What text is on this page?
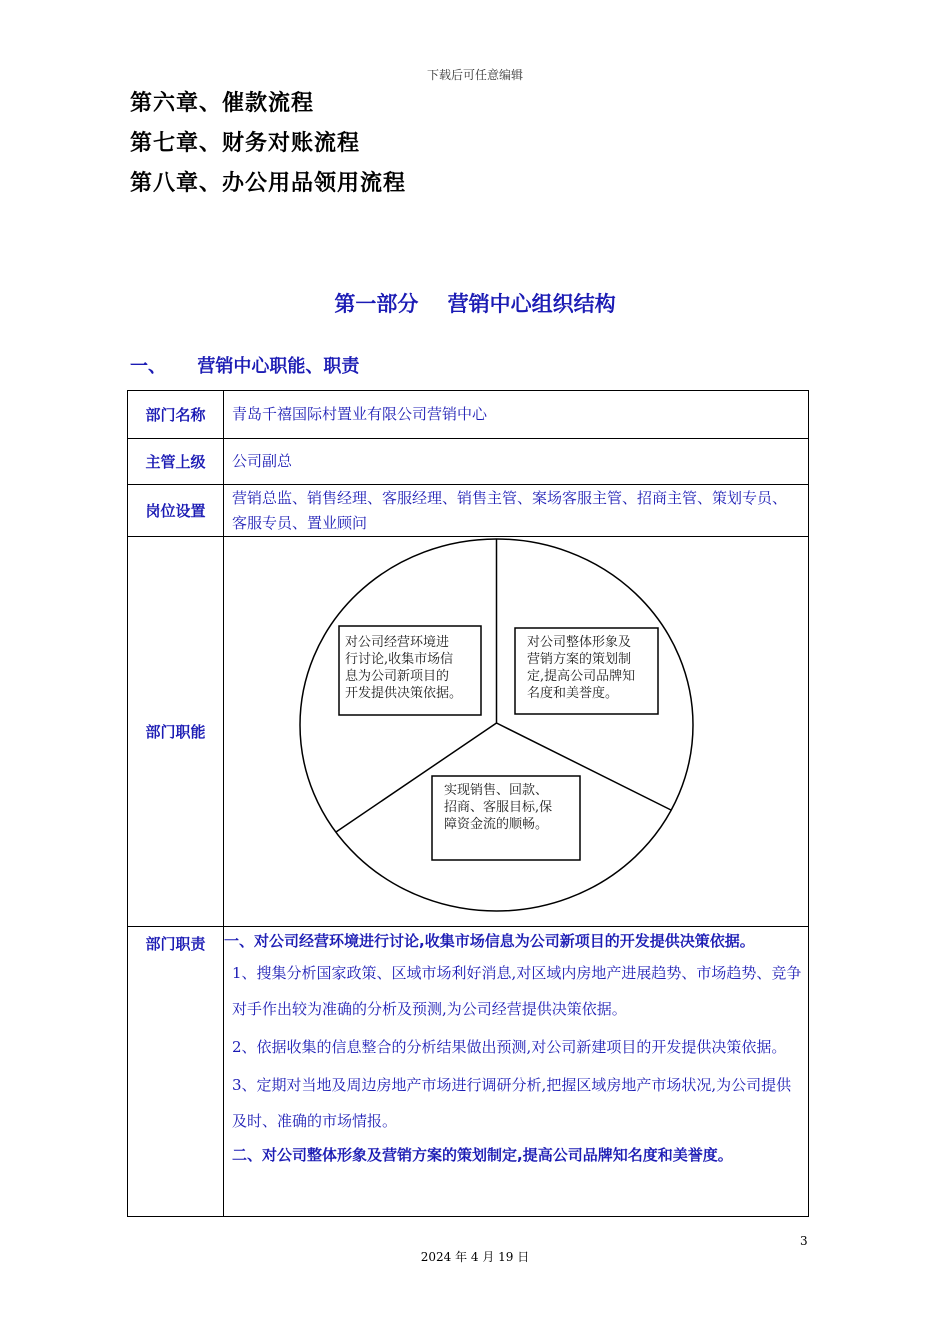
下载后可任意编辑
第六章、催款流程
第七章、财务对账流程
第八章、办公用品领用流程
第一部分    营销中心组织结构
一、     营销中心职能、职责
部门名称	青岛千禧国际村置业有限公司营销中心
主管上级	公司副总
岗位设置	营销总监、销售经理、客服经理、销售主管、案场客服主管、招商主管、策划专员、客服专员、置业顾问
部门职能	对公司经营环境进 行讨论,收集市场信 息为公司新项目的 开发提供决策依据。
对公司整体形象及 营销方案的策划制 定,提高公司品牌知 名度和美誉度。
实现销售、回款、 招商、客服目标,保 障资金流的顺畅。

部门职责	一、对公司经营环境进行讨论,收集市场信息为公司新项目的开发提供决策依据。
1、搜集分析国家政策、区域市场利好消息,对区域内房地产进展趋势、市场趋势、竞争对手作出较为准确的分析及预测,为公司经营提供决策依据。
2、依据收集的信息整合的分析结果做出预测,对公司新建项目的开发提供决策依据。
3、定期对当地及周边房地产市场进行调研分析,把握区域房地产市场状况,为公司提供及时、准确的市场情报。
二、对公司整体形象及营销方案的策划制定,提高公司品牌知名度和美誉度。
3
2024 年 4 月 19 日
